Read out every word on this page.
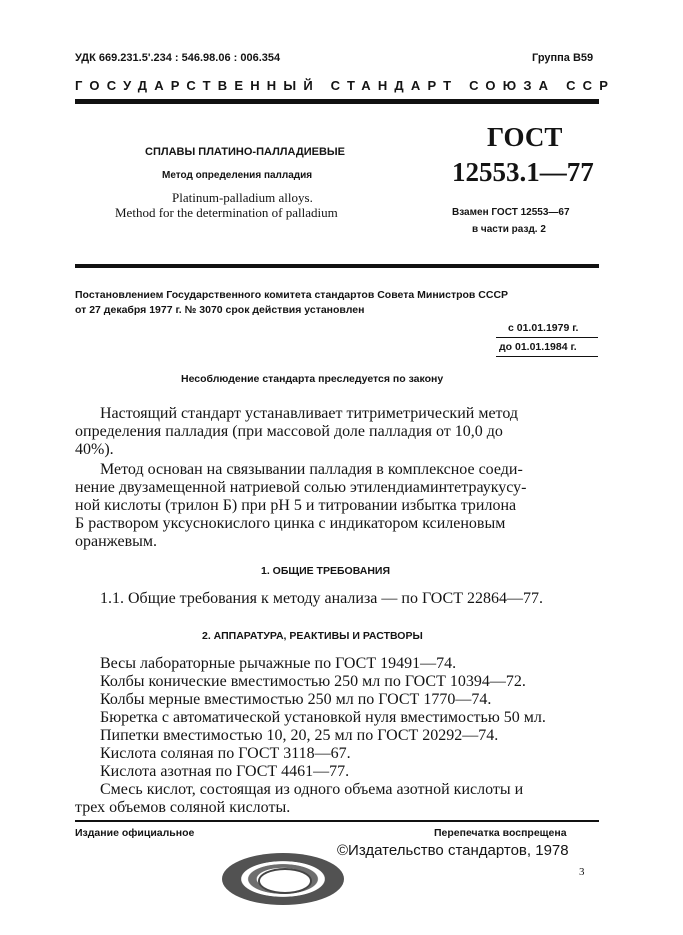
УДК 669.231.5'.234 : 546.98.06 : 006.354	Группа В59
ГОСУДАРСТВЕННЫЙ СТАНДАРТ СОЮЗА ССР
СПЛАВЫ ПЛАТИНО-ПАЛЛАДИЕВЫЕ
Метод определения палладия
Platinum-palladium alloys.
Method for the determination of palladium
ГОСТ
12553.1—77
Взамен ГОСТ 12553—67
в части разд. 2
Постановлением Государственного комитета стандартов Совета Министров СССР
от 27 декабря 1977 г. № 3070 срок действия установлен
с 01.01.1979 г.
до 01.01.1984 г.
Несоблюдение стандарта преследуется по закону
Настоящий стандарт устанавливает титриметрический метод
определения палладия (при массовой доле палладия от 10,0 до
40%).
Метод основан на связывании палладия в комплексное соеди-
нение двузамещенной натриевой солью этилендиаминтетраукусу-
ной кислоты (трилон Б) при pH 5 и титровании избытка трилона
Б раствором уксуснокислого цинка с индикатором ксиленовым
оранжевым.
1. ОБЩИЕ ТРЕБОВАНИЯ
1.1. Общие требования к методу анализа — по ГОСТ 22864—77.
2. АППАРАТУРА, РЕАКТИВЫ И РАСТВОРЫ
Весы лабораторные рычажные по ГОСТ 19491—74.
Колбы конические вместимостью 250 мл по ГОСТ 10394—72.
Колбы мерные вместимостью 250 мл по ГОСТ 1770—74.
Бюретка с автоматической установкой нуля вместимостью 50 мл.
Пипетки вместимостью 10, 20, 25 мл по ГОСТ 20292—74.
Кислота соляная по ГОСТ 3118—67.
Кислота азотная по ГОСТ 4461—77.
Смесь кислот, состоящая из одного объема азотной кислоты и
трех объемов соляной кислоты.
Издание официальное	Перепечатка воспрещена
©Издательство стандартов, 1978
3
